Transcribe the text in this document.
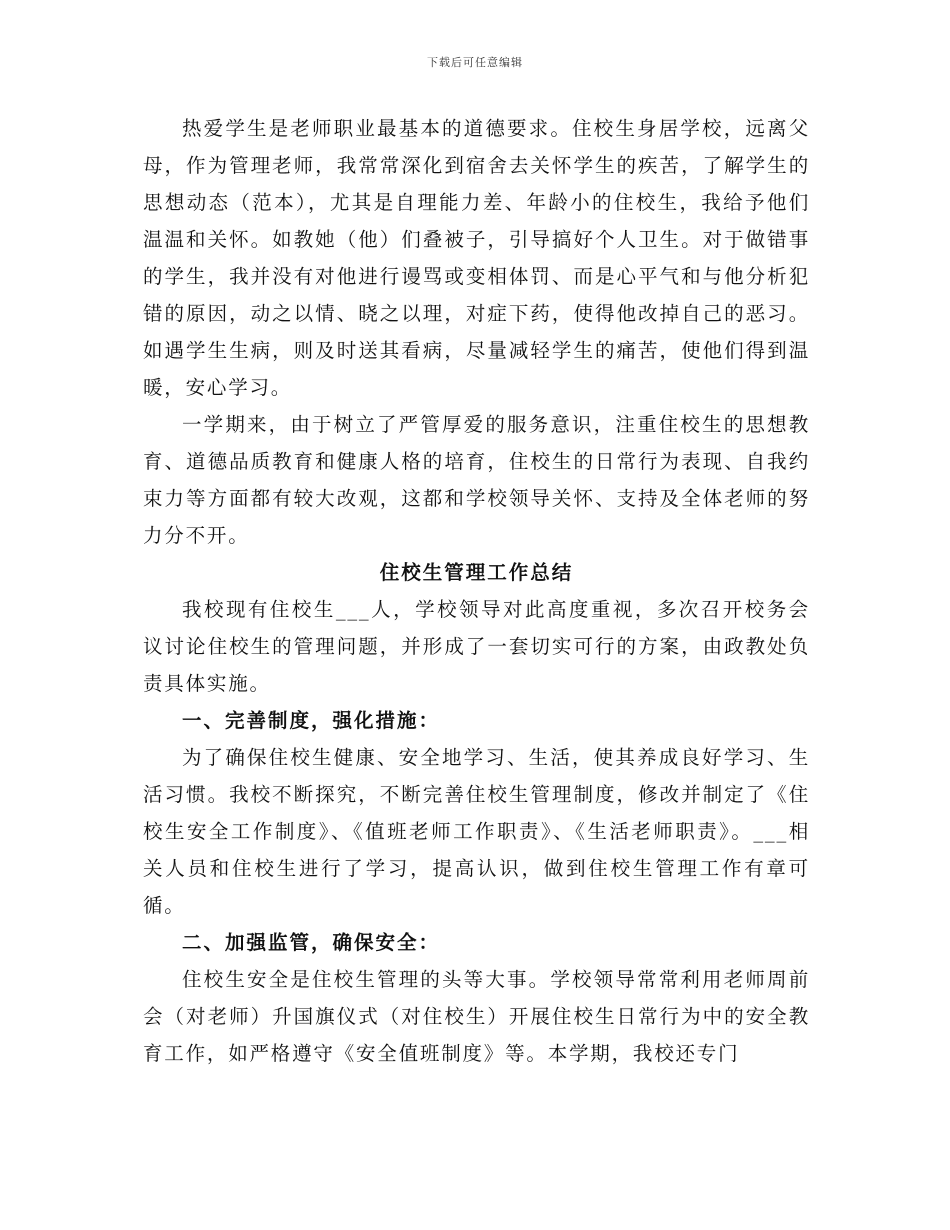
下载后可任意编辑

热爱学生是老师职业最基本的道德要求。住校生身居学校，远离父母，作为管理老师，我常常深化到宿舍去关怀学生的疾苦，了解学生的思想动态（范本），尤其是自理能力差、年龄小的住校生，我给予他们温温和关怀。如教她（他）们叠被子，引导搞好个人卫生。对于做错事的学生，我并没有对他进行谩骂或变相体罚、而是心平气和与他分析犯错的原因，动之以情、晓之以理，对症下药，使得他改掉自己的恶习。如遇学生生病，则及时送其看病，尽量减轻学生的痛苦，使他们得到温暖，安心学习。

一学期来，由于树立了严管厚爱的服务意识，注重住校生的思想教育、道德品质教育和健康人格的培育，住校生的日常行为表现、自我约束力等方面都有较大改观，这都和学校领导关怀、支持及全体老师的努力分不开。

住校生管理工作总结

我校现有住校生___人，学校领导对此高度重视，多次召开校务会议讨论住校生的管理问题，并形成了一套切实可行的方案，由政教处负责具体实施。

一、完善制度，强化措施：

为了确保住校生健康、安全地学习、生活，使其养成良好学习、生活习惯。我校不断探究，不断完善住校生管理制度，修改并制定了《住校生安全工作制度》、《值班老师工作职责》、《生活老师职责》。___相关人员和住校生进行了学习，提高认识，做到住校生管理工作有章可循。

二、加强监管，确保安全：

住校生安全是住校生管理的头等大事。学校领导常常利用老师周前会（对老师）升国旗仪式（对住校生）开展住校生日常行为中的安全教育工作，如严格遵守《安全值班制度》等。本学期，我校还专门
